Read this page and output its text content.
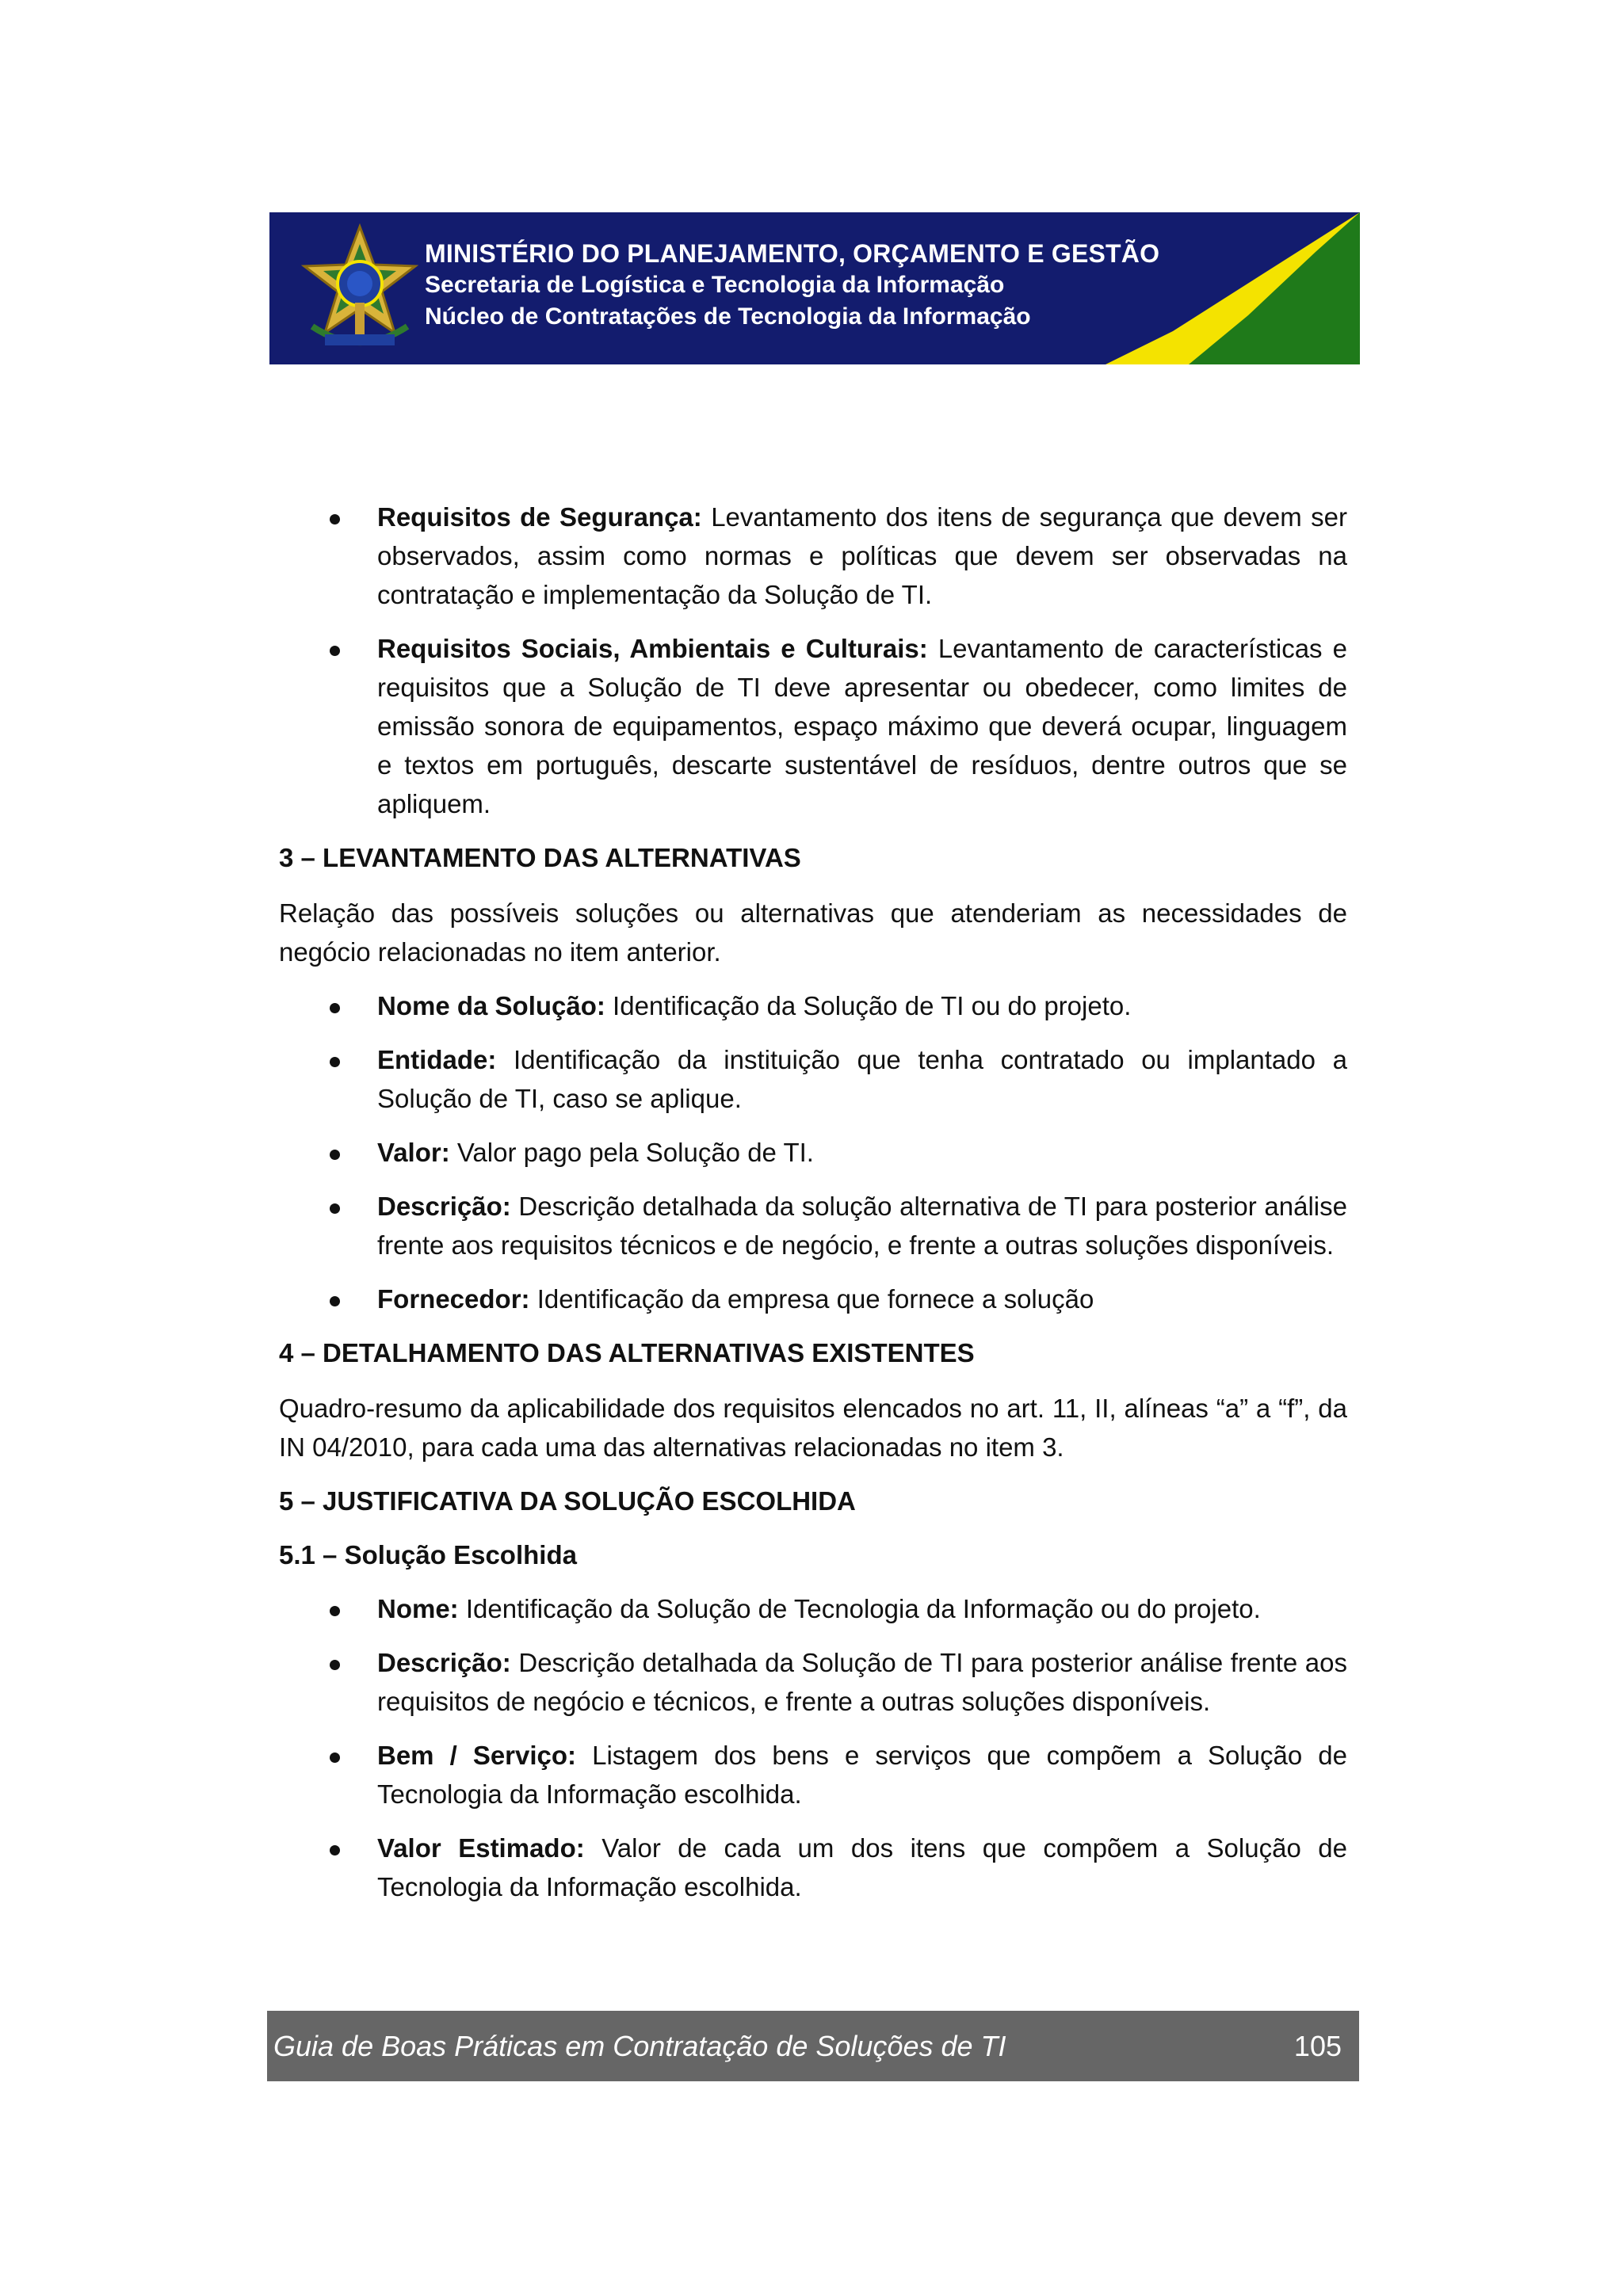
MINISTÉRIO DO PLANEJAMENTO, ORÇAMENTO E GESTÃO
Secretaria de Logística e Tecnologia da Informação
Núcleo de Contratações de Tecnologia da Informação
Requisitos de Segurança: Levantamento dos itens de segurança que devem ser observados, assim como normas e políticas que devem ser observadas na contratação e implementação da Solução de TI.
Requisitos Sociais, Ambientais e Culturais: Levantamento de características e requisitos que a Solução de TI deve apresentar ou obedecer, como limites de emissão sonora de equipamentos, espaço máximo que deverá ocupar, linguagem e textos em português, descarte sustentável de resíduos, dentre outros que se apliquem.

3 – LEVANTAMENTO DAS ALTERNATIVAS

Relação das possíveis soluções ou alternativas que atenderiam as necessidades de negócio relacionadas no item anterior.

Nome da Solução: Identificação da Solução de TI ou do projeto.
Entidade: Identificação da instituição que tenha contratado ou implantado a Solução de TI, caso se aplique.
Valor: Valor pago pela Solução de TI.
Descrição: Descrição detalhada da solução alternativa de TI para posterior análise frente aos requisitos técnicos e de negócio, e frente a outras soluções disponíveis.
Fornecedor: Identificação da empresa que fornece a solução

4 – DETALHAMENTO DAS ALTERNATIVAS EXISTENTES

Quadro-resumo da aplicabilidade dos requisitos elencados no art. 11, II, alíneas “a” a “f”, da IN 04/2010, para cada uma das alternativas relacionadas no item 3.

5 – JUSTIFICATIVA DA SOLUÇÃO ESCOLHIDA

5.1 – Solução Escolhida

Nome: Identificação da Solução de Tecnologia da Informação ou do projeto.
Descrição: Descrição detalhada da Solução de TI para posterior análise frente aos requisitos de negócio e técnicos, e frente a outras soluções disponíveis.
Bem / Serviço: Listagem dos bens e serviços que compõem a Solução de Tecnologia da Informação escolhida.
Valor Estimado: Valor de cada um dos itens que compõem a Solução de Tecnologia da Informação escolhida.
Guia de Boas Práticas em Contratação de Soluções de TI	105
